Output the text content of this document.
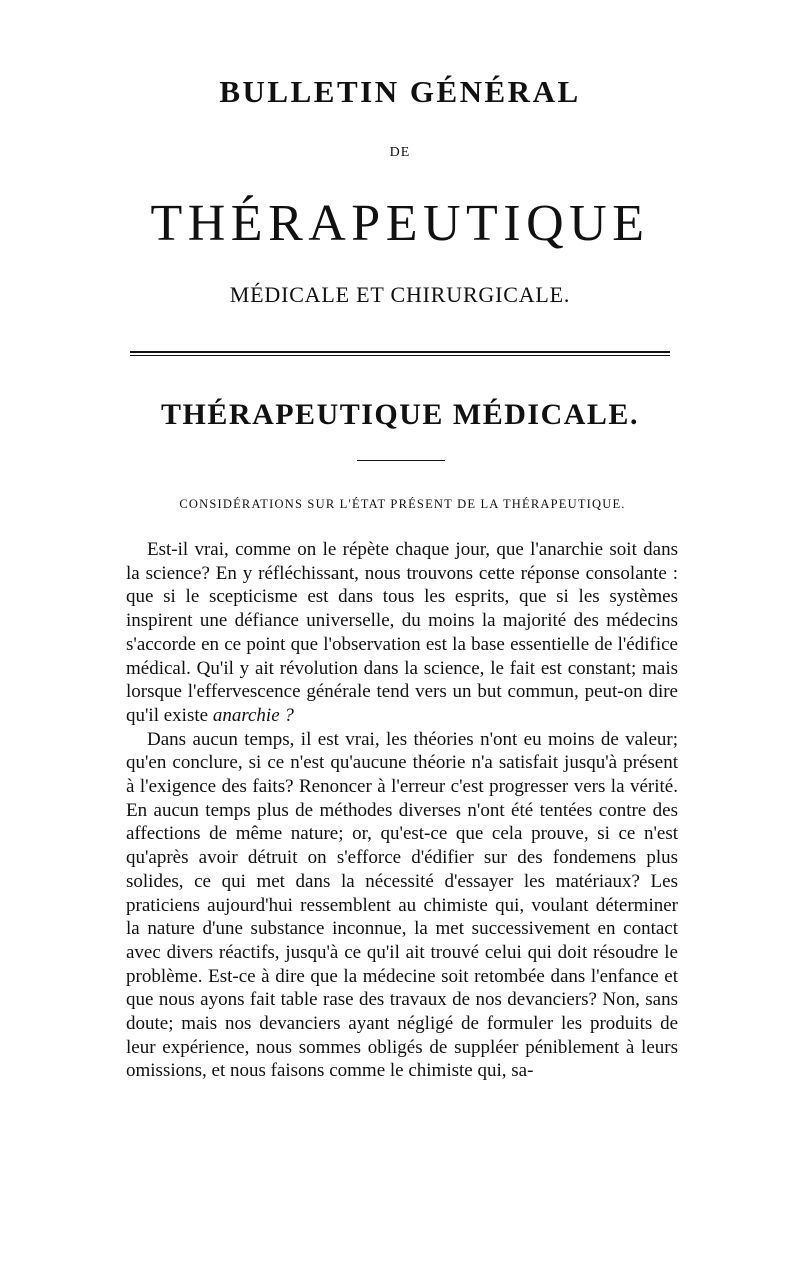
BULLETIN GÉNÉRAL
DE
THÉRAPEUTIQUE
MÉDICALE ET CHIRURGICALE.
THÉRAPEUTIQUE MÉDICALE.
CONSIDÉRATIONS SUR L'ÉTAT PRÉSENT DE LA THÉRAPEUTIQUE.

Est-il vrai, comme on le répète chaque jour, que l'anarchie soit dans la science? En y réfléchissant, nous trouvons cette réponse consolante : que si le scepticisme est dans tous les esprits, que si les systèmes inspirent une défiance universelle, du moins la majorité des médecins s'accorde en ce point que l'observation est la base essentielle de l'édifice médical. Qu'il y ait révolution dans la science, le fait est constant; mais lorsque l'effervescence générale tend vers un but commun, peut-on dire qu'il existe anarchie ?

Dans aucun temps, il est vrai, les théories n'ont eu moins de valeur; qu'en conclure, si ce n'est qu'aucune théorie n'a satisfait jusqu'à présent à l'exigence des faits? Renoncer à l'erreur c'est progresser vers la vérité. En aucun temps plus de méthodes diverses n'ont été tentées contre des affections de même nature; or, qu'est-ce que cela prouve, si ce n'est qu'après avoir détruit on s'efforce d'édifier sur des fondemens plus solides, ce qui met dans la nécessité d'essayer les matériaux? Les praticiens aujourd'hui ressemblent au chimiste qui, voulant déterminer la nature d'une substance inconnue, la met successivement en contact avec divers réactifs, jusqu'à ce qu'il ait trouvé celui qui doit résoudre le problème. Est-ce à dire que la médecine soit retombée dans l'enfance et que nous ayons fait table rase des travaux de nos devanciers? Non, sans doute; mais nos devanciers ayant négligé de formuler les produits de leur expérience, nous sommes obligés de suppléer péniblement à leurs omissions, et nous faisons comme le chimiste qui, sa-
